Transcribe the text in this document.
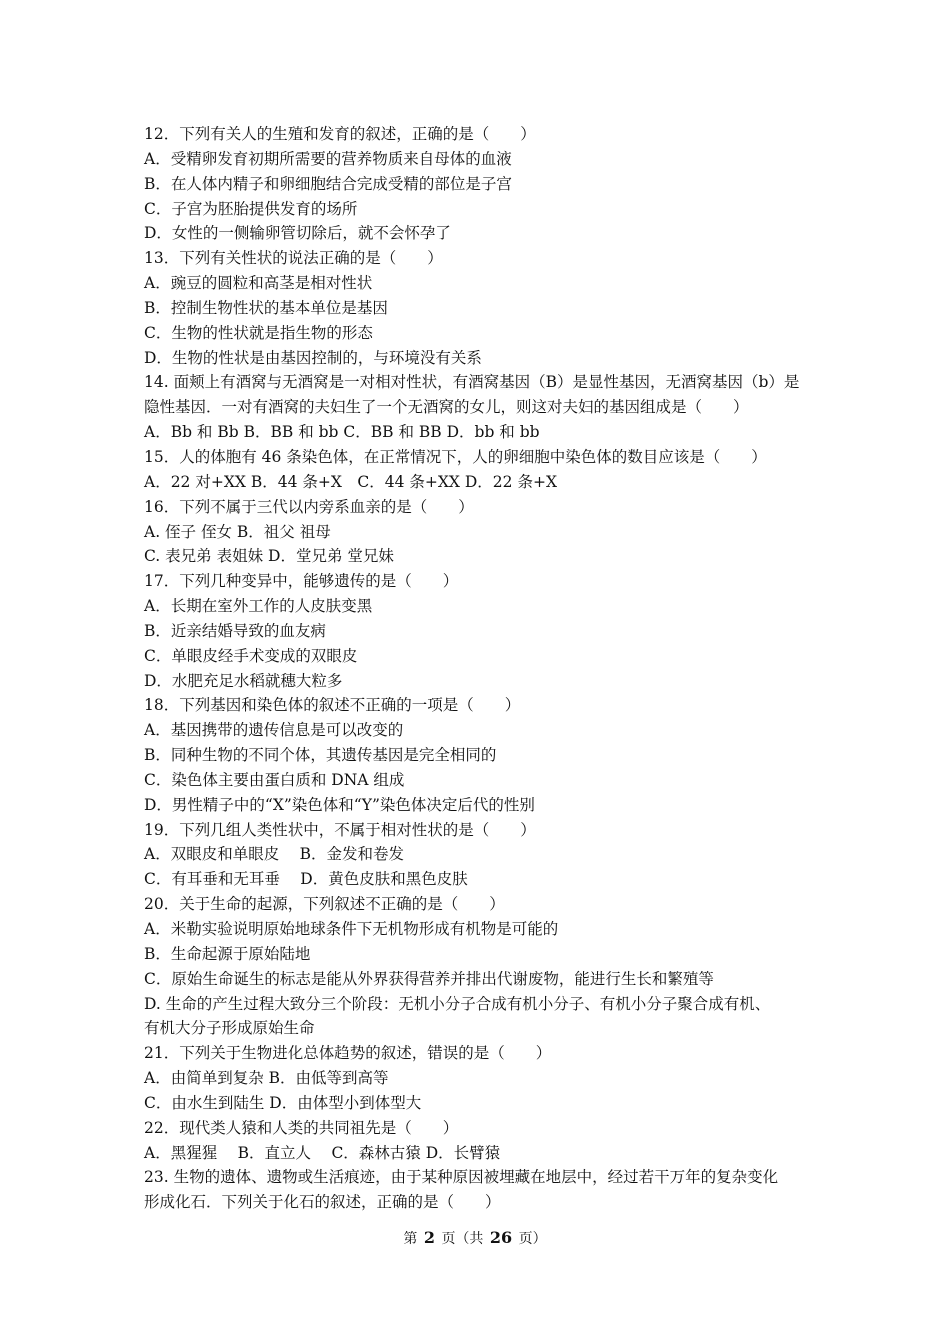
12．下列有关人的生殖和发育的叙述，正确的是（　　）
A．受精卵发育初期所需要的营养物质来自母体的血液
B．在人体内精子和卵细胞结合完成受精的部位是子宫
C．子宫为胚胎提供发育的场所
D．女性的一侧输卵管切除后，就不会怀孕了
13．下列有关性状的说法正确的是（　　）
A．豌豆的圆粒和高茎是相对性状
B．控制生物性状的基本单位是基因
C．生物的性状就是指生物的形态
D．生物的性状是由基因控制的，与环境没有关系
14. 面颊上有酒窝与无酒窝是一对相对性状，有酒窝基因（B）是显性基因，无酒窝基因（b）是
隐性基因．一对有酒窝的夫妇生了一个无酒窝的女儿，则这对夫妇的基因组成是（　　）
A．Bb 和 Bb B．BB 和 bb C．BB 和 BB D．bb 和 bb
15．人的体胞有 46 条染色体，在正常情况下，人的卵细胞中染色体的数目应该是（　　）
A．22 对+XX B．44 条+X　C．44 条+XX D．22 条+X
16．下列不属于三代以内旁系血亲的是（　　）
A. 侄子 侄女 B．祖父 祖母
C. 表兄弟 表姐妹 D．堂兄弟 堂兄妹
17．下列几种变异中，能够遗传的是（　　）
A．长期在室外工作的人皮肤变黑
B．近亲结婚导致的血友病
C．单眼皮经手术变成的双眼皮
D．水肥充足水稻就穗大粒多
18．下列基因和染色体的叙述不正确的一项是（　　）
A．基因携带的遗传信息是可以改变的
B．同种生物的不同个体，其遗传基因是完全相同的
C．染色体主要由蛋白质和 DNA 组成
D．男性精子中的“X”染色体和“Y”染色体决定后代的性别
19．下列几组人类性状中，不属于相对性状的是（　　）
A．双眼皮和单眼皮　 B．金发和卷发
C．有耳垂和无耳垂　 D．黄色皮肤和黑色皮肤
20．关于生命的起源，下列叙述不正确的是（　　）
A．米勒实验说明原始地球条件下无机物形成有机物是可能的
B．生命起源于原始陆地
C．原始生命诞生的标志是能从外界获得营养并排出代谢废物，能进行生长和繁殖等
D. 生命的产生过程大致分三个阶段：无机小分子合成有机小分子、有机小分子聚合成有机、
有机大分子形成原始生命
21．下列关于生物进化总体趋势的叙述，错误的是（　　）
A．由简单到复杂 B．由低等到高等
C．由水生到陆生 D．由体型小到体型大
22．现代类人猿和人类的共同祖先是（　　）
A．黑猩猩　 B．直立人　 C．森林古猿 D．长臂猿
23. 生物的遗体、遗物或生活痕迹，由于某种原因被埋藏在地层中，经过若干万年的复杂变化
形成化石．下列关于化石的叙述，正确的是（　　）
第 2 页（共 26 页）
